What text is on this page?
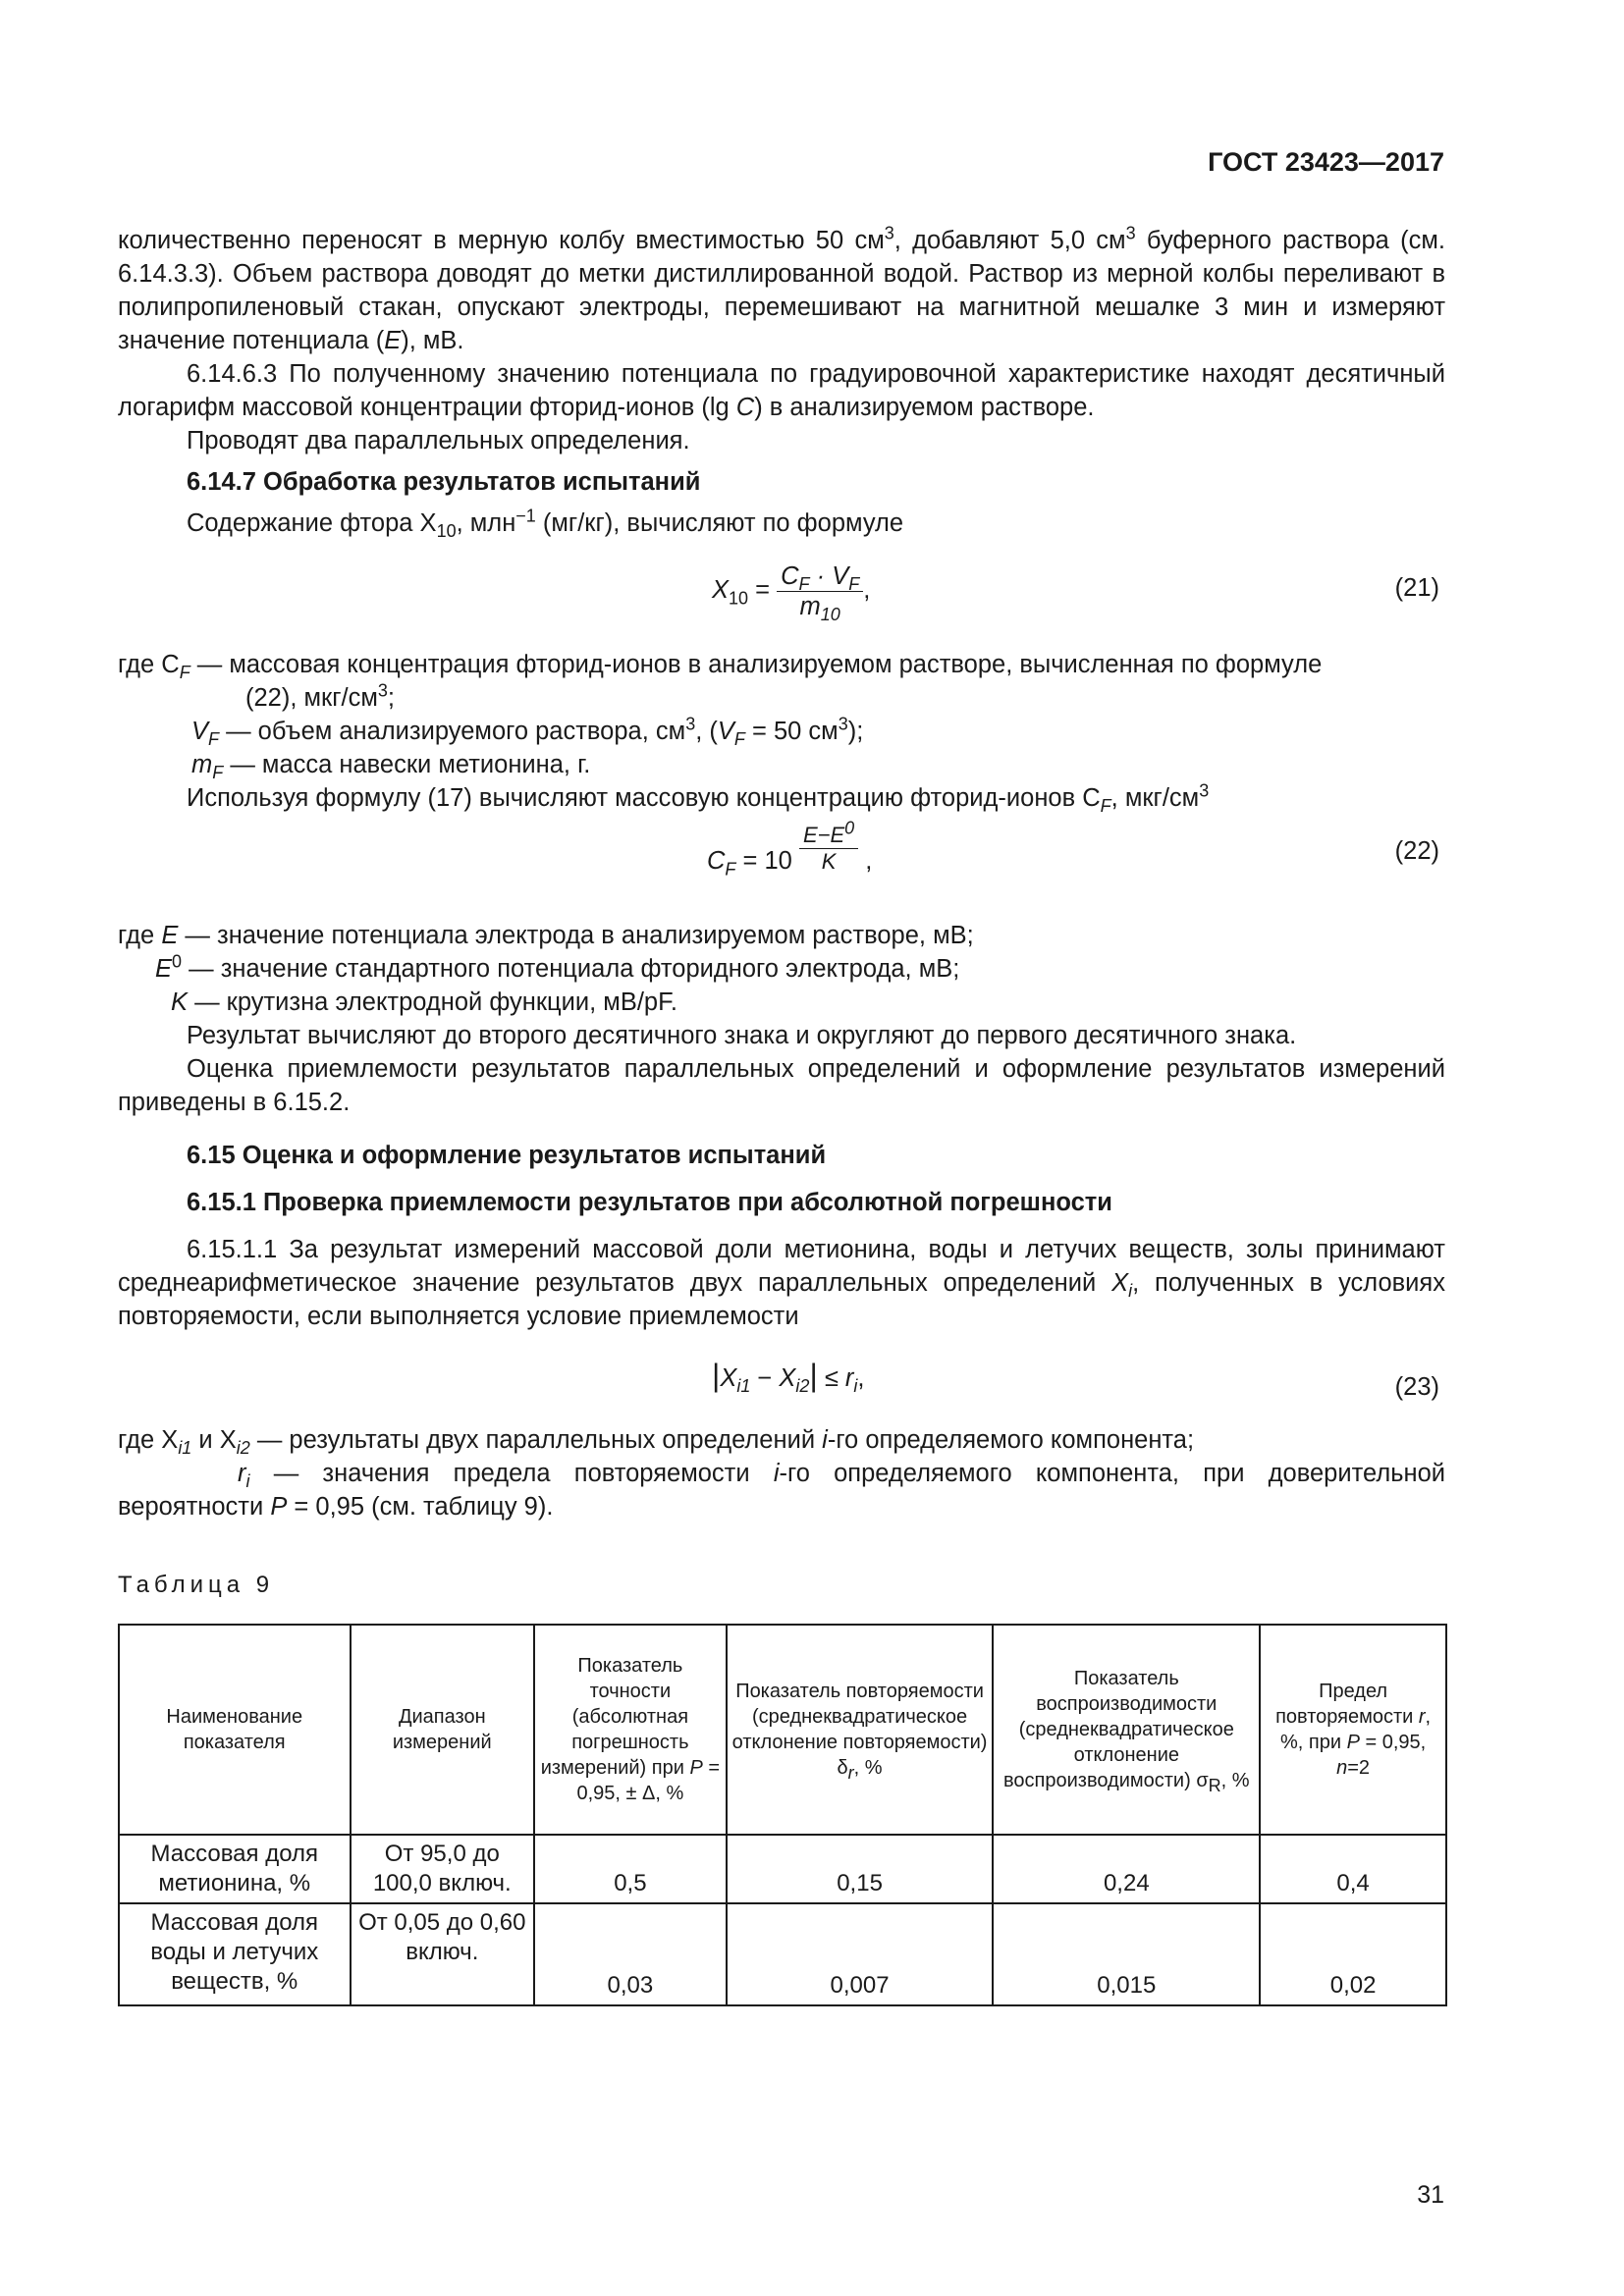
ГОСТ 23423—2017

количественно переносят в мерную колбу вместимостью 50 $см^3$, добавляют 5,0 $см^3$ буферного раствора (см. 6.14.3.3). Объем раствора доводят до метки дистиллированной водой. Раствор из мерной колбы переливают в полипропиленовый стакан, опускают электроды, перемешивают на магнитной мешалке 3 мин и измеряют значение потенциала (E), мВ.

6.14.6.3 По полученному значению потенциала по градуировочной характеристике находят десятичный логарифм массовой концентрации фторид-ионов (lg C) в анализируемом растворе.

Проводят два параллельных определения.

6.14.7 Обработка результатов испытаний

Содержание фтора $Х_{10}$, млн$^{-1}$ (мг/кг), вычисляют по формуле

$X_{10} = \frac{C_F \cdot V_F}{m_{10}}$ ,	(21)

где $С_F$ — массовая концентрация фторид-ионов в анализируемом растворе, вычисленная по формуле

(22), мкг/$см^3$;

$V_F$ — объем анализируемого раствора, $см^3$, ($V_F = 50$ $см^3$);

$m_F$ — масса навески метионина, г.

Используя формулу (17) вычисляют массовую концентрацию фторид-ионов $С_F$, мкг/$см^3$

$C_F = 10 \frac{E-E^0}{K}$ ,	(22)

где E — значение потенциала электрода в анализируемом растворе, мВ;

$E^0$ — значение стандартного потенциала фторидного электрода, мВ;

K — крутизна электродной функции, мВ/pF.

Результат вычисляют до второго десятичного знака и округляют до первого десятичного знака.

Оценка приемлемости результатов параллельных определений и оформление результатов измерений приведены в 6.15.2.

6.15 Оценка и оформление результатов испытаний

6.15.1 Проверка приемлемости результатов при абсолютной погрешности

6.15.1.1 За результат измерений массовой доли метионина, воды и летучих веществ, золы принимают среднеарифметическое значение результатов двух параллельных определений $X_i$, полученных в условиях повторяемости, если выполняется условие приемлемости

$|X_{i1} - X_{i2}| \le r_i$,	(23)

где $Х_{i1}$ и $Х_{i2}$ — результаты двух параллельных определений i-го определяемого компонента;

$r_i$ — значения предела повторяемости i-го определяемого компонента, при доверительной вероятности P = 0,95 (см. таблицу 9).

Таблица 9

Наименование показателя	Диапазон измерений	Показатель точности (абсолютная погрешность измерений) при P = 0,95, ± Δ, %	Показатель повторяемости (среднеквадратическое отклонение повторяемости) $\delta_r$, %	Показатель воспроизводимости (среднеквадратическое отклонение воспроизводимости) $\sigma_R$, %	Предел повторяемости r, %, при P = 0,95, n=2
Массовая доля метионина, %	От 95,0 до 100,0 включ.	0,5	0,15	0,24	0,4
Массовая доля воды и летучих веществ, %	От 0,05 до 0,60 включ.	0,03	0,007	0,015	0,02
31
